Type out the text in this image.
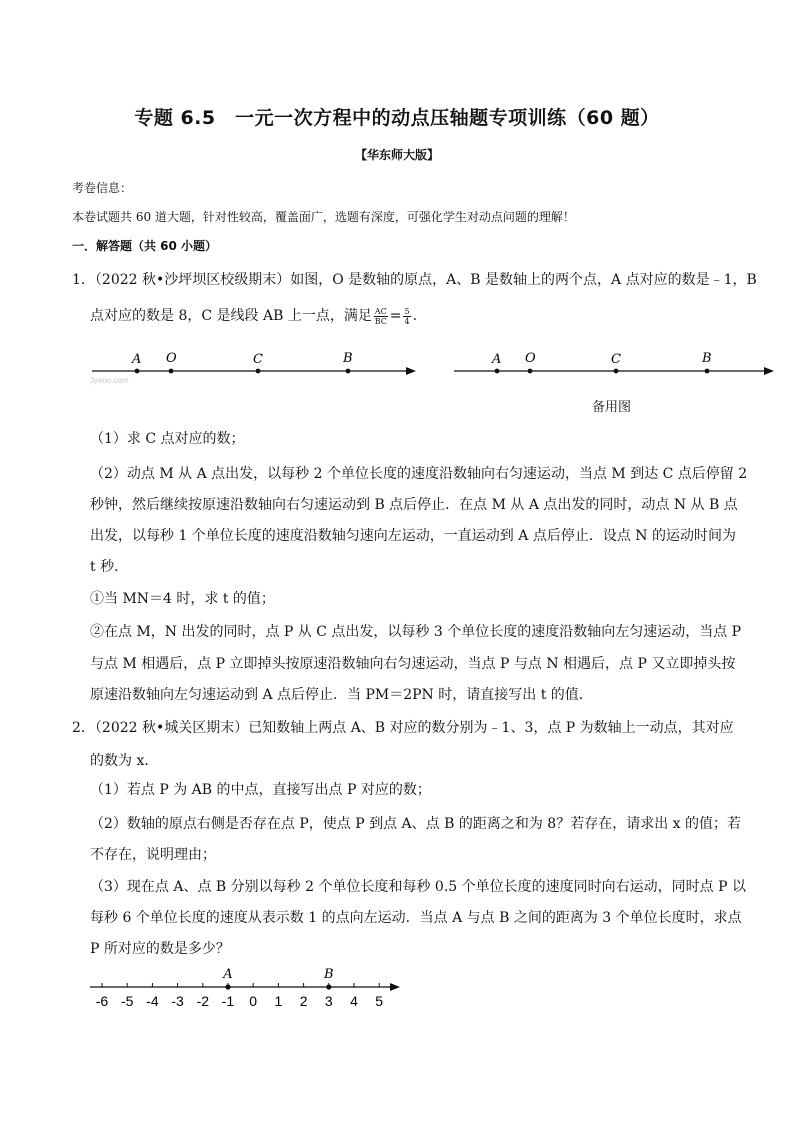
专题 6.5　一元一次方程中的动点压轴题专项训练（60 题）
【华东师大版】
考卷信息：
本卷试题共 60 道大题，针对性较高，覆盖面广，选题有深度，可强化学生对动点问题的理解！
一．解答题（共 60 小题）
1．（2022 秋•沙坪坝区校级期末）如图，O 是数轴的原点，A、B 是数轴上的两个点，A 点对应的数是﹣1，B
点对应的数是 8，C 是线段 AB 上一点，满足 $\frac{AC}{BC} = \frac{5}{4}$ .
A O	C	B
Jyeoo.com
A O	C	B
备用图
（1）求 C 点对应的数；
（2）动点 M 从 A 点出发，以每秒 2 个单位长度的速度沿数轴向右匀速运动，当点 M 到达 C 点后停留 2
秒钟，然后继续按原速沿数轴向右匀速运动到 B 点后停止．在点 M 从 A 点出发的同时，动点 N 从 B 点
出发，以每秒 1 个单位长度的速度沿数轴匀速向左运动，一直运动到 A 点后停止．设点 N 的运动时间为
t 秒．
①当 MN＝4 时，求 t 的值；
②在点 M，N 出发的同时，点 P 从 C 点出发，以每秒 3 个单位长度的速度沿数轴向左匀速运动，当点 P
与点 M 相遇后，点 P 立即掉头按原速沿数轴向右匀速运动，当点 P 与点 N 相遇后，点 P 又立即掉头按
原速沿数轴向左匀速运动到 A 点后停止．当 PM＝2PN 时，请直接写出 t 的值．
2．（2022 秋•城关区期末）已知数轴上两点 A、B 对应的数分别为﹣1、3，点 P 为数轴上一动点，其对应
的数为 x．
（1）若点 P 为 AB 的中点，直接写出点 P 对应的数；
（2）数轴的原点右侧是否存在点 P，使点 P 到点 A、点 B 的距离之和为 8？若存在，请求出 x 的值；若
不存在，说明理由；
（3）现在点 A、点 B 分别以每秒 2 个单位长度和每秒 0.5 个单位长度的速度同时向右运动，同时点 P 以
每秒 6 个单位长度的速度从表示数 1 的点向左运动．当点 A 与点 B 之间的距离为 3 个单位长度时，求点
P 所对应的数是多少？
-6 -5 -4 -3 -2 -1 0 1 2 3 4 5
A	B
